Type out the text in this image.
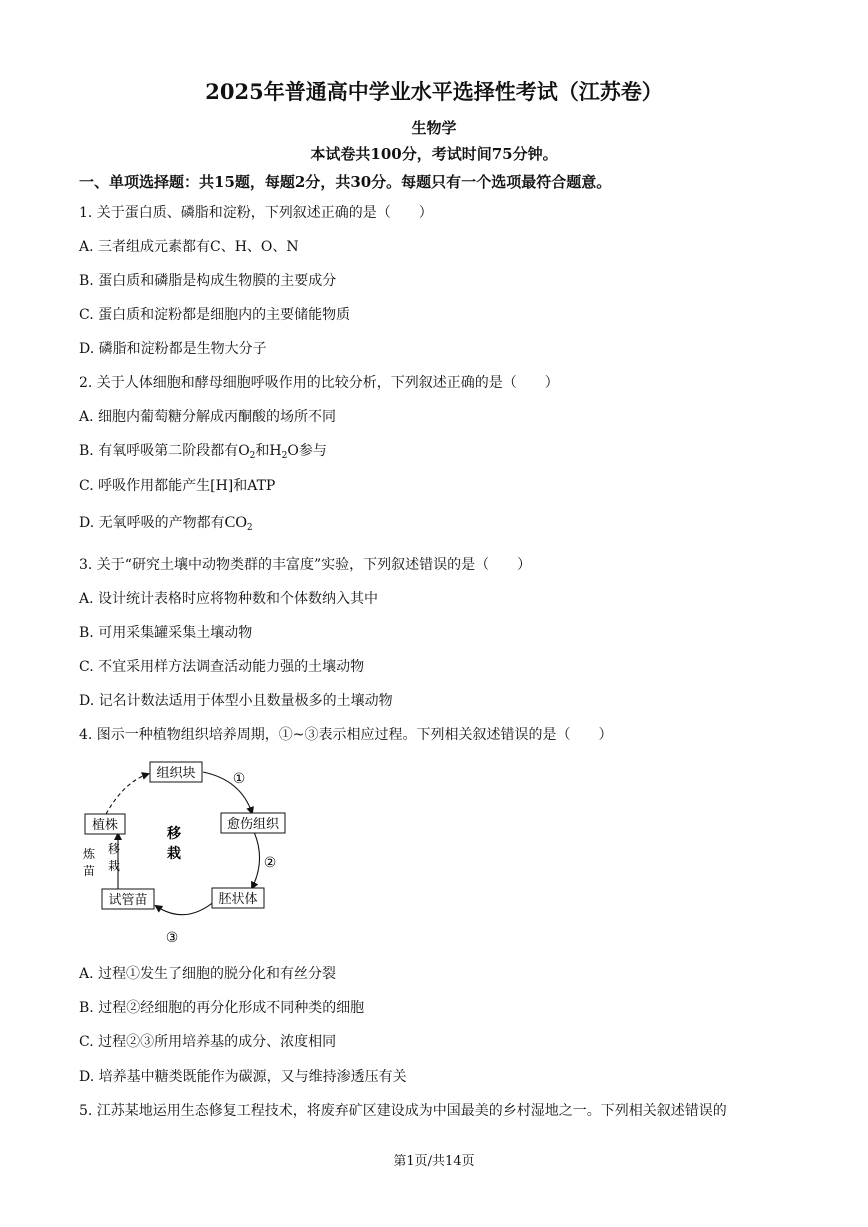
2025年普通高中学业水平选择性考试（江苏卷）
生物学
本试卷共100分，考试时间75分钟。
一、单项选择题：共15题，每题2分，共30分。每题只有一个选项最符合题意。
1. 关于蛋白质、磷脂和淀粉，下列叙述正确的是（　　）
A. 三者组成元素都有C、H、O、N
B. 蛋白质和磷脂是构成生物膜的主要成分
C. 蛋白质和淀粉都是细胞内的主要储能物质
D. 磷脂和淀粉都是生物大分子
2. 关于人体细胞和酵母细胞呼吸作用的比较分析，下列叙述正确的是（　　）
A. 细胞内葡萄糖分解成丙酮酸的场所不同
B. 有氧呼吸第二阶段都有$O_2$和$H_2O$参与
C. 呼吸作用都能产生[H]和ATP
D. 无氧呼吸的产物都有$CO_2$
3. 关于“研究土壤中动物类群的丰富度”实验，下列叙述错误的是（　　）
A. 设计统计表格时应将物种数和个体数纳入其中
B. 可用采集罐采集土壤动物
C. 不宜采用样方法调查活动能力强的土壤动物
D. 记名计数法适用于体型小且数量极多的土壤动物
4. 图示一种植物组织培养周期，①~③表示相应过程。下列相关叙述错误的是（　　）
组织块
愈伤组织
胚状体
试管苗
植株
①
②
③
移
栽
炼
苗
移
栽
A. 过程①发生了细胞的脱分化和有丝分裂
B. 过程②经细胞的再分化形成不同种类的细胞
C. 过程②③所用培养基的成分、浓度相同
D. 培养基中糖类既能作为碳源，又与维持渗透压有关
5. 江苏某地运用生态修复工程技术，将废弃矿区建设成为中国最美的乡村湿地之一。下列相关叙述错误的
第1页/共14页
